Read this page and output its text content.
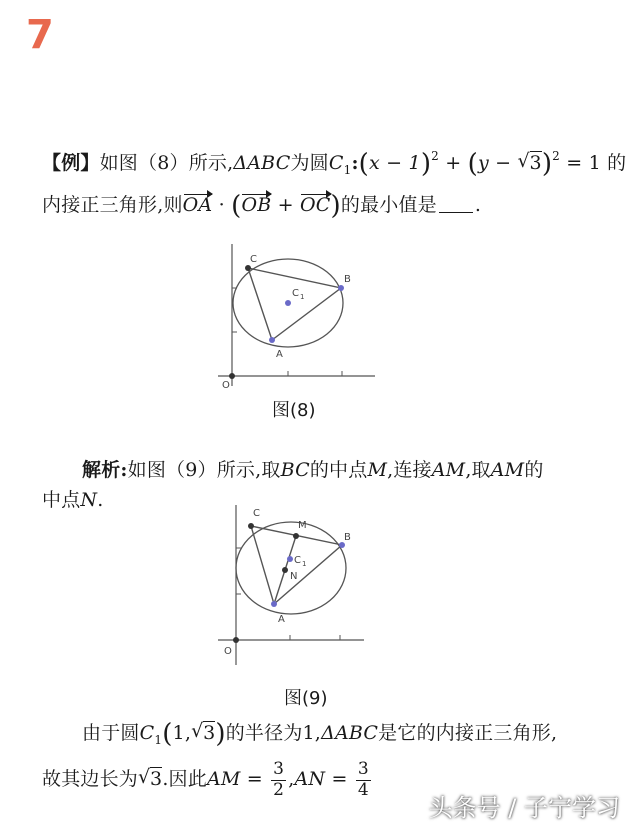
7
【例】如图（8）所示,ΔABC为圆$C_1:(x - 1)^2 + (y$ − √ 3)$^2$ = 1 的
内接正三角形,则OA · (OB + OC)的最小值是 .
C
B
A
C 1
O
图(8)
解析:如图（9）所示,取BC的中点M,连接AM,取AM的
中点N.
C
M
B
C 1
N
A
O
图(9)
由于圆$C_1(1,√$ 3)的半径为1,ΔABC是它的内接正三角形,
故其边长为√ 3.因此AM = $\frac{3}{2} ,AN = \frac{3}{4}$
头条号 / 子宁学习
